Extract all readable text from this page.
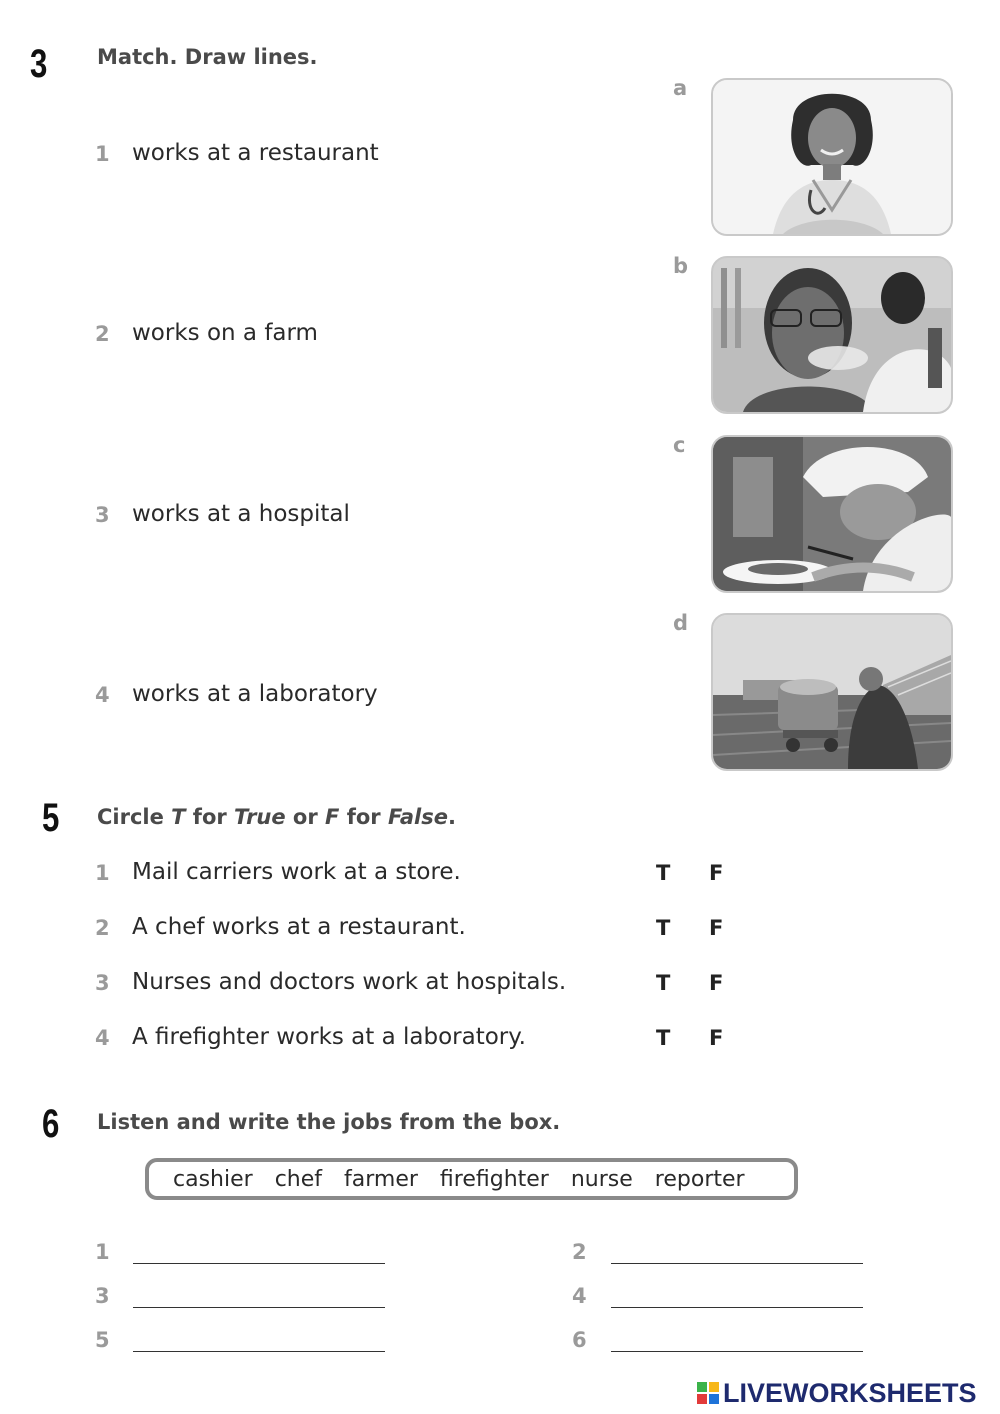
3 Match. Draw lines.
1 works at a restaurant
2 works on a farm
3 works at a hospital
4 works at a laboratory
a
b
c
d
5 Circle T for True or F for False.
1 Mail carriers work at a store.	T F
2 A chef works at a restaurant.	T F
3 Nurses and doctors work at hospitals.	T F
4 A firefighter works at a laboratory.	T F
6 Listen and write the jobs from the box.
cashier chef farmer firefighter nurse reporter
1	2
3	4
5	6
LIVEWORKSHEETS
